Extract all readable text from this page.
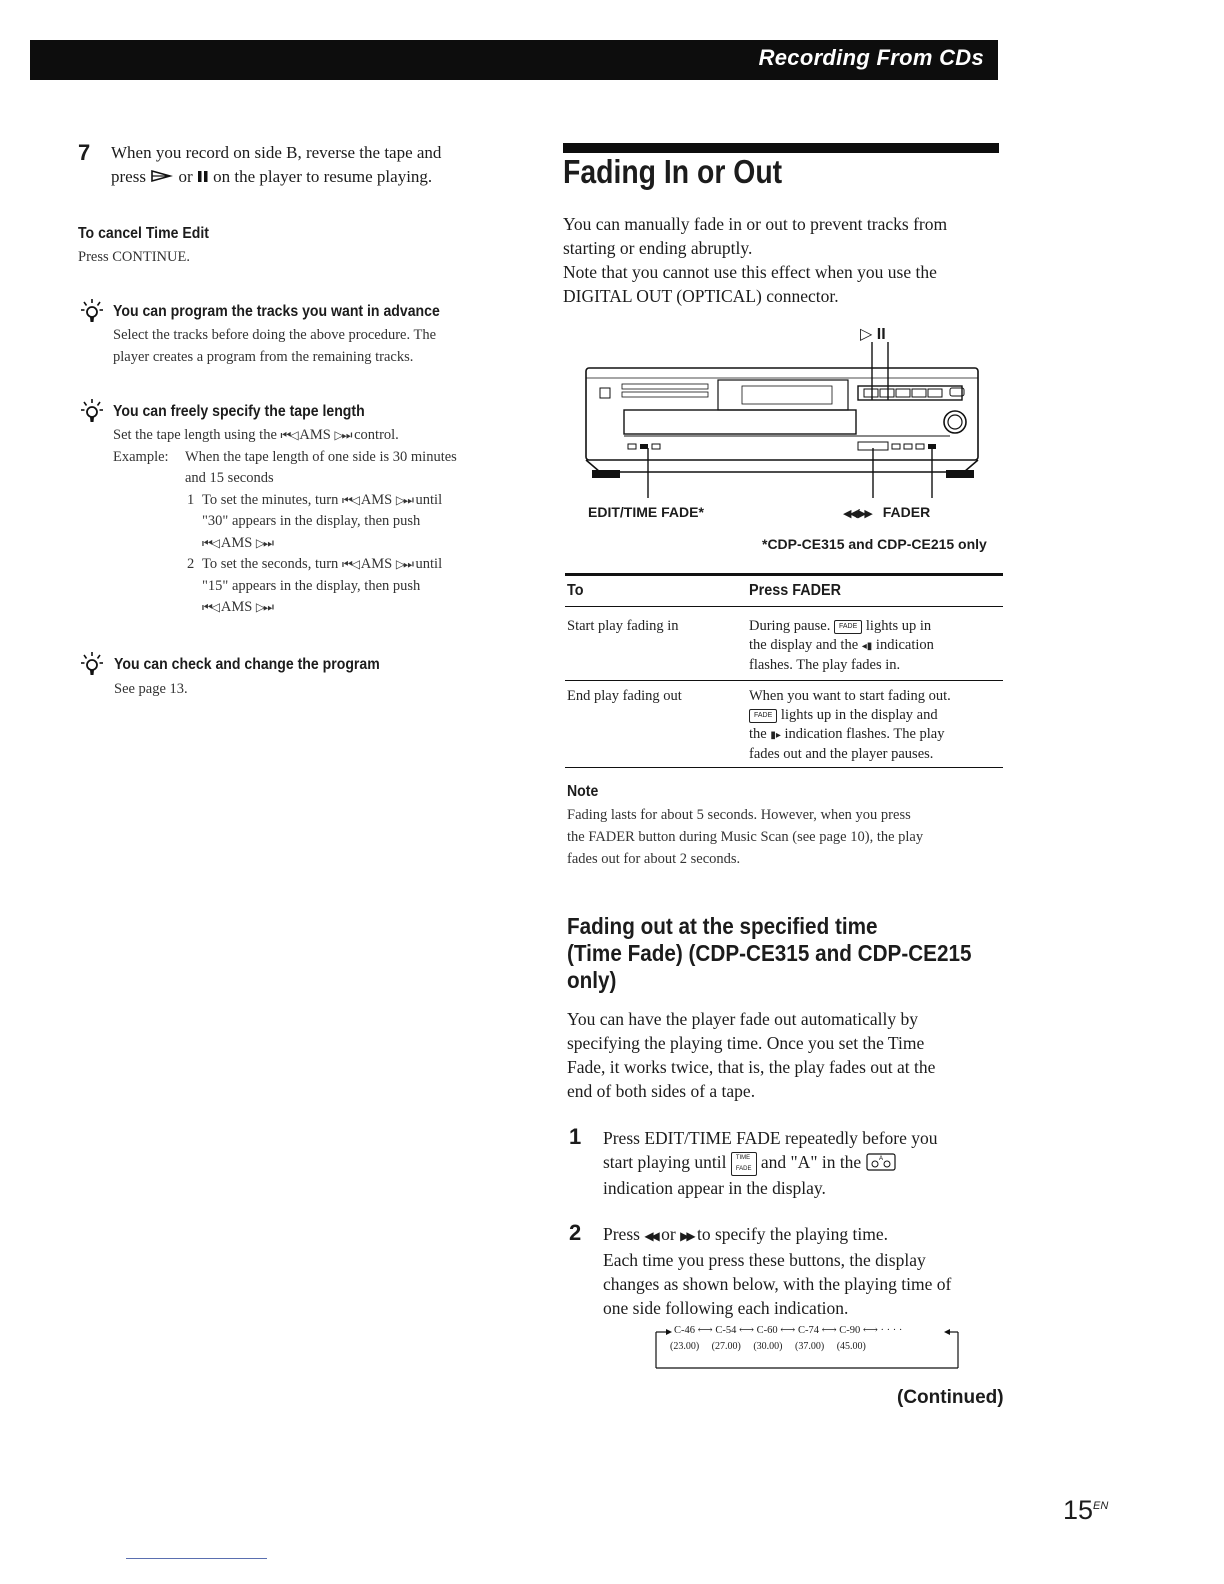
Recording From CDs
7 When you record on side B, reverse the tape and
press or on the player to resume playing.
To cancel Time Edit
Press CONTINUE.
You can program the tracks you want in advance
Select the tracks before doing the above procedure. The
player creates a program from the remaining tracks.
You can freely specify the tape length
Set the tape length using the ⏮◁ AMS ▷⏭ control.
Example: When the tape length of one side is 30 minutes
and 15 seconds
1 To set the minutes, turn ⏮◁ AMS ▷⏭ until
"30" appears in the display, then push
⏮◁ AMS ▷⏭
2 To set the seconds, turn ⏮◁ AMS ▷⏭ until
"15" appears in the display, then push
⏮◁ AMS ▷⏭
You can check and change the program
See page 13.
Fading In or Out
You can manually fade in or out to prevent tracks from
starting or ending abruptly.
Note that you cannot use this effect when you use the
DIGITAL OUT (OPTICAL) connector.
▷ II
EDIT/TIME FADE*	◀◀/▶▶ FADER
*CDP-CE315 and CDP-CE215 only
To	Press FADER
Start play fading in	During pause. FADE lights up in
the display and the ◂▮ indication
flashes. The play fades in.
End play fading out	When you want to start fading out.
FADE lights up in the display and
the ▮▸ indication flashes. The play
fades out and the player pauses.
Note
Fading lasts for about 5 seconds. However, when you press
the FADER button during Music Scan (see page 10), the play
fades out for about 2 seconds.
Fading out at the specified time
(Time Fade) (CDP-CE315 and CDP-CE215
only)
You can have the player fade out automatically by
specifying the playing time. Once you set the Time
Fade, it works twice, that is, the play fades out at the
end of both sides of a tape.
1 Press EDIT/TIME FADE repeatedly before you
start playing until TIME
FADE and "A" in the	A
indication appear in the display.
2 Press ◀◀ or ▶▶ to specify the playing time.
Each time you press these buttons, the display
changes as shown below, with the playing time of
one side following each indication.
C-46 ⟷ C-54 ⟷ C-60 ⟷ C-74 ⟷ C-90 ⟷ · · · ·
(23.00) (27.00) (30.00) (37.00) (45.00)
(Continued)
$15^{EN}$
